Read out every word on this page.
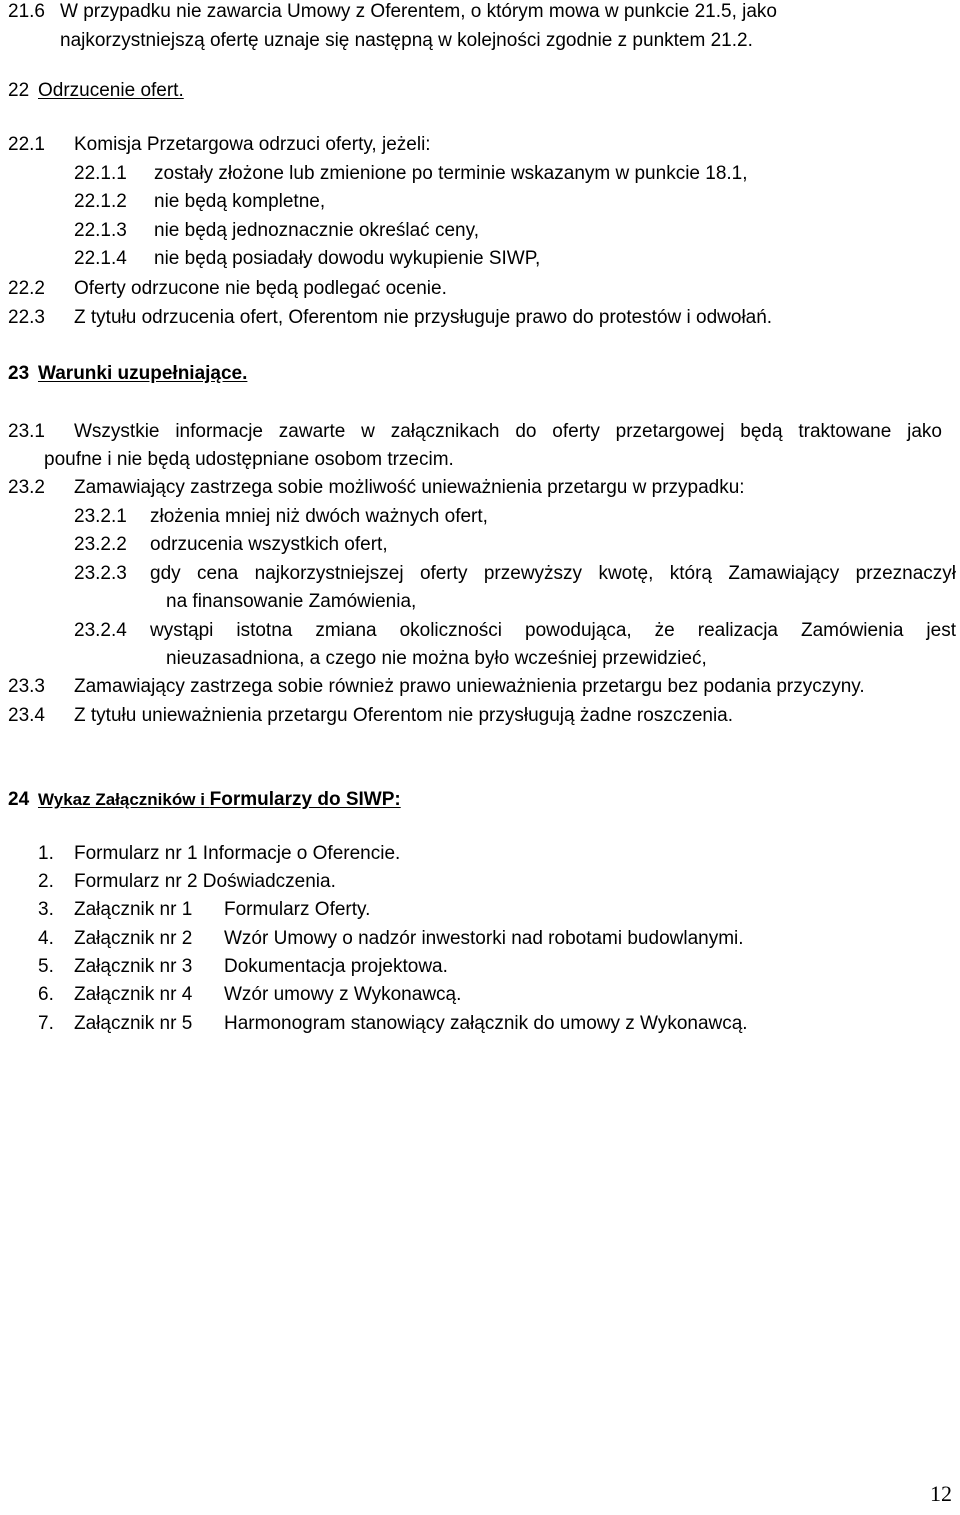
21.6 W przypadku nie zawarcia Umowy z Oferentem, o którym mowa w punkcie 21.5, jako
najkorzystniejszą ofertę uznaje się następną w kolejności zgodnie z punktem 21.2.
22 Odrzucenie ofert.
22.1 Komisja Przetargowa odrzuci oferty, jeżeli:
22.1.1 zostały złożone lub zmienione po terminie wskazanym w punkcie 18.1,
22.1.2 nie będą kompletne,
22.1.3 nie będą jednoznacznie określać ceny,
22.1.4 nie będą posiadały dowodu wykupienie SIWP,
22.2 Oferty odrzucone nie będą podlegać ocenie.
22.3 Z tytułu odrzucenia ofert, Oferentom nie przysługuje prawo do protestów i odwołań.
23 Warunki uzupełniające.
23.1 Wszystkie informacje zawarte w załącznikach do oferty przetargowej będą traktowane jako
poufne i nie będą udostępniane osobom trzecim.
23.2 Zamawiający zastrzega sobie możliwość unieważnienia przetargu w przypadku:
23.2.1 złożenia mniej niż dwóch ważnych ofert,
23.2.2 odrzucenia wszystkich ofert,
23.2.3 gdy cena najkorzystniejszej oferty przewyższy kwotę, którą Zamawiający przeznaczył
na finansowanie Zamówienia,
23.2.4 wystąpi istotna zmiana okoliczności powodująca, że realizacja Zamówienia jest
nieuzasadniona, a czego nie można było wcześniej przewidzieć,
23.3 Zamawiający zastrzega sobie również prawo unieważnienia przetargu bez podania przyczyny.
23.4 Z tytułu unieważnienia przetargu Oferentom nie przysługują żadne roszczenia.
24 Wykaz Załączników i Formularzy do SIWP:
1. Formularz nr 1 Informacje o Oferencie.
2. Formularz nr 2 Doświadczenia.
3. Załącznik nr 1 Formularz Oferty.
4. Załącznik nr 2 Wzór Umowy o nadzór inwestorki nad robotami budowlanymi.
5. Załącznik nr 3 Dokumentacja projektowa.
6. Załącznik nr 4 Wzór umowy z Wykonawcą.
7. Załącznik nr 5 Harmonogram stanowiący załącznik do umowy z Wykonawcą.
12
